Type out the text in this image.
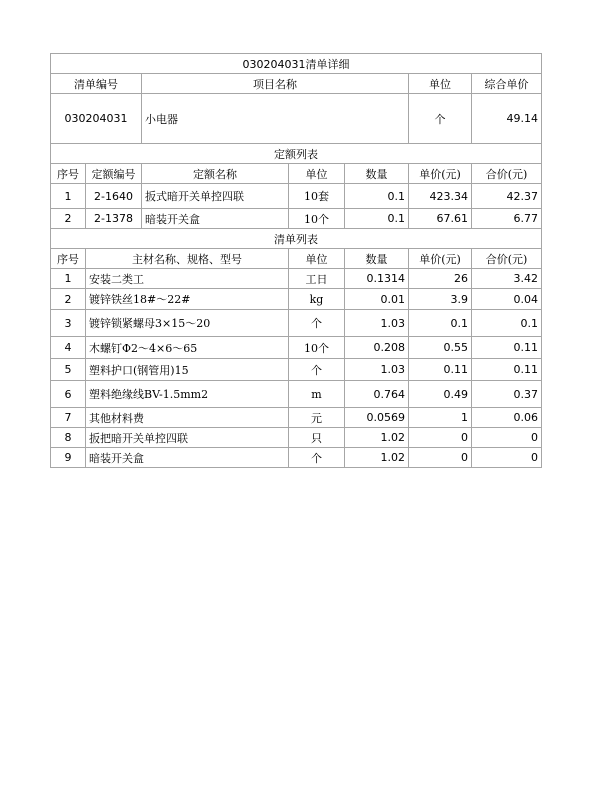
030204031清单详细						
清单编号		项目名称			单位	综合单价
030204031		小电器			个	49.14
定额列表						
序号	定额编号	定额名称	单位	数量	单价(元)	合价(元)
1	2-1640	扳式暗开关单控四联	10套	0.1	423.34	42.37
2	2-1378	暗装开关盒	10个	0.1	67.61	6.77
清单列表						
序号	主材名称、规格、型号		单位	数量	单价(元)	合价(元)
1	安装二类工		工日	0.1314	26	3.42
2	镀锌铁丝18#～22#		kg	0.01	3.9	0.04
3	镀锌锁紧螺母3×15～20		个	1.03	0.1	0.1
4	木螺钉Φ2～4×6～65		10个	0.208	0.55	0.11
5	塑料护口(钢管用)15		个	1.03	0.11	0.11
6	塑料绝缘线BV-1.5mm2		m	0.764	0.49	0.37
7	其他材料费		元	0.0569	1	0.06
8	扳把暗开关单控四联		只	1.02	0	0
9	暗装开关盒		个	1.02	0	0
